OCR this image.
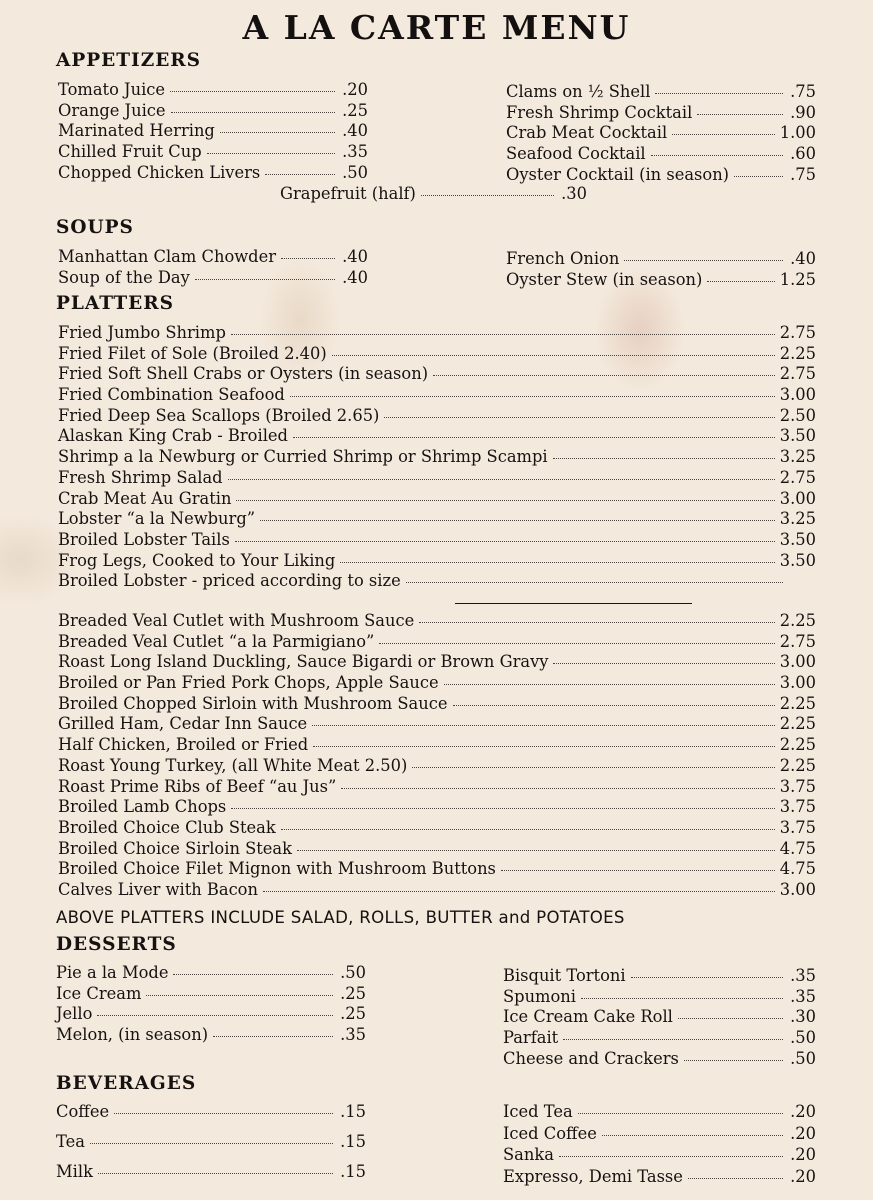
A LA CARTE MENU
APPETIZERS
Tomato Juice	.20
Orange Juice	.25
Marinated Herring	.40
Chilled Fruit Cup	.35
Chopped Chicken Livers	.50
Clams on ½ Shell	.75
Fresh Shrimp Cocktail	.90
Crab Meat Cocktail	1.00
Seafood Cocktail	.60
Oyster Cocktail (in season)	.75
Grapefruit (half)	.30
SOUPS
Manhattan Clam Chowder	.40
Soup of the Day	.40
French Onion	.40
Oyster Stew (in season)	1.25
PLATTERS
Fried Jumbo Shrimp	2.75
Fried Filet of Sole (Broiled 2.40)	2.25
Fried Soft Shell Crabs or Oysters (in season)	2.75
Fried Combination Seafood	3.00
Fried Deep Sea Scallops (Broiled 2.65)	2.50
Alaskan King Crab - Broiled	3.50
Shrimp a la Newburg or Curried Shrimp or Shrimp Scampi	3.25
Fresh Shrimp Salad	2.75
Crab Meat Au Gratin	3.00
Lobster “a la Newburg”	3.25
Broiled Lobster Tails	3.50
Frog Legs, Cooked to Your Liking	3.50
Broiled Lobster - priced according to size
Breaded Veal Cutlet with Mushroom Sauce	2.25
Breaded Veal Cutlet “a la Parmigiano”	2.75
Roast Long Island Duckling, Sauce Bigardi or Brown Gravy	3.00
Broiled or Pan Fried Pork Chops, Apple Sauce	3.00
Broiled Chopped Sirloin with Mushroom Sauce	2.25
Grilled Ham, Cedar Inn Sauce	2.25
Half Chicken, Broiled or Fried	2.25
Roast Young Turkey, (all White Meat 2.50)	2.25
Roast Prime Ribs of Beef “au Jus”	3.75
Broiled Lamb Chops	3.75
Broiled Choice Club Steak	3.75
Broiled Choice Sirloin Steak	4.75
Broiled Choice Filet Mignon with Mushroom Buttons	4.75
Calves Liver with Bacon	3.00
ABOVE PLATTERS INCLUDE SALAD, ROLLS, BUTTER and POTATOES
DESSERTS
Pie a la Mode	.50
Ice Cream	.25
Jello	.25
Melon, (in season)	.35
Bisquit Tortoni	.35
Spumoni	.35
Ice Cream Cake Roll	.30
Parfait	.50
Cheese and Crackers	.50
BEVERAGES
Coffee	.15
Tea	.15
Milk	.15
Iced Tea	.20
Iced Coffee	.20
Sanka	.20
Expresso, Demi Tasse	.20
